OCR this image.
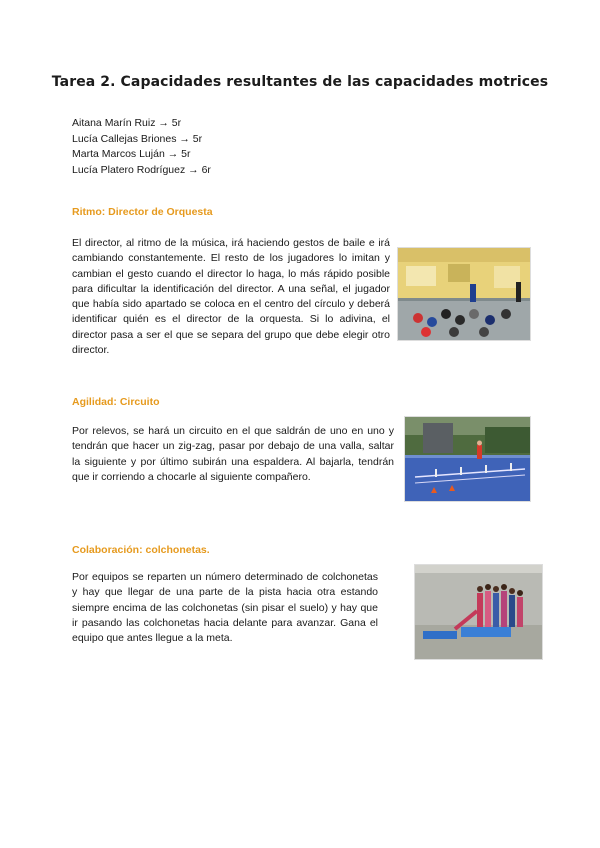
Tarea 2. Capacidades resultantes de las capacidades motrices
Aitana Marín Ruiz → 5r
Lucía Callejas Briones → 5r
Marta Marcos Luján → 5r
Lucía Platero Rodríguez → 6r
Ritmo: Director de Orquesta
El director, al ritmo de la música, irá haciendo gestos de baile e irá cambiando constantemente. El resto de los jugadores lo imitan y cambian el gesto cuando el director lo haga, lo más rápido posible para dificultar la identificación del director. A una señal, el jugador que había sido apartado se coloca en el centro del círculo y deberá identificar quién es el director de la orquesta. Si lo adivina, el director pasa a ser el que se separa del grupo que debe elegir otro director.
Agilidad: Circuito
Por relevos, se hará un circuito en el que saldrán de uno en uno y tendrán que hacer un zig-zag, pasar por debajo de una valla, saltar la siguiente y por último subirán una espaldera. Al bajarla, tendrán que ir corriendo a chocarle al siguiente compañero.
Colaboración: colchonetas.
Por equipos se reparten un número determinado de colchonetas y hay que llegar de una parte de la pista hacia otra estando siempre encima de las colchonetas (sin pisar el suelo) y hay que ir pasando las colchonetas hacia delante para avanzar. Gana el equipo que antes llegue a la meta.
